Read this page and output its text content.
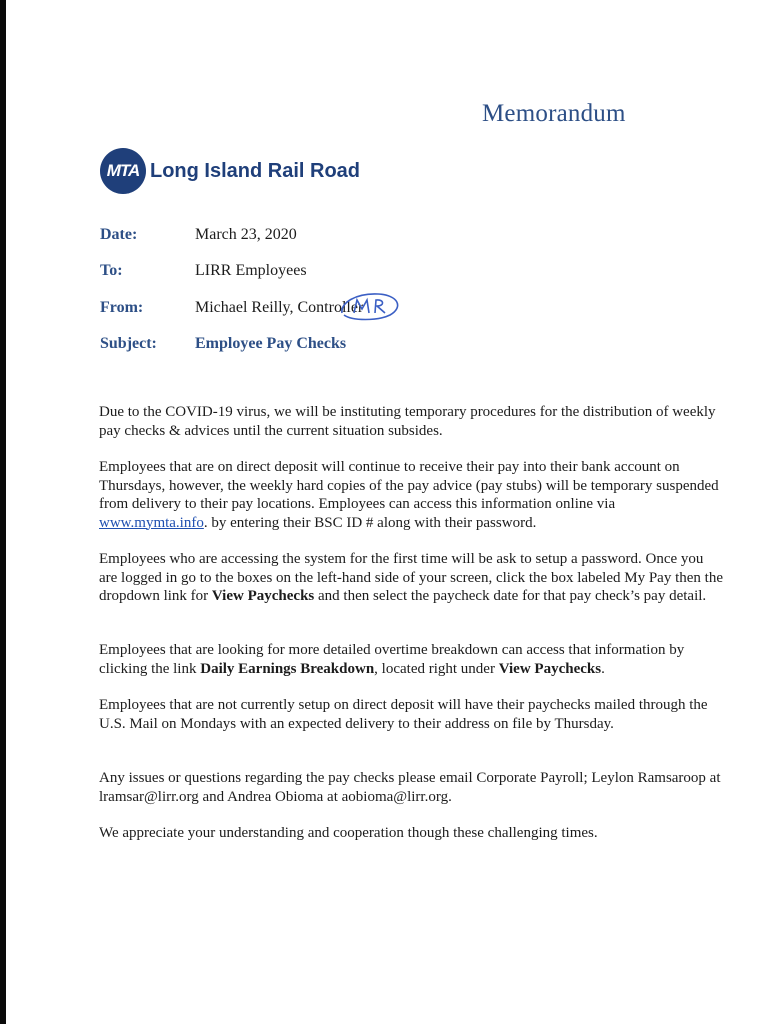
Memorandum
MTA Long Island Rail Road
Date:	March 23, 2020
To:	LIRR Employees
From:	Michael Reilly, Controller
Subject: Employee Pay Checks

Due to the COVID-19 virus, we will be instituting temporary procedures for the distribution of weekly pay checks & advices until the current situation subsides.

Employees that are on direct deposit will continue to receive their pay into their bank account on Thursdays, however, the weekly hard copies of the pay advice (pay stubs) will be temporary suspended from delivery to their pay locations. Employees can access this information online via www.mymta.info. by entering their BSC ID # along with their password.

Employees who are accessing the system for the first time will be ask to setup a password. Once you are logged in go to the boxes on the left-hand side of your screen, click the box labeled My Pay then the dropdown link for View Paychecks and then select the paycheck date for that pay check’s pay detail.

Employees that are looking for more detailed overtime breakdown can access that information by clicking the link Daily Earnings Breakdown, located right under View Paychecks.

Employees that are not currently setup on direct deposit will have their paychecks mailed through the U.S. Mail on Mondays with an expected delivery to their address on file by Thursday.

Any issues or questions regarding the pay checks please email Corporate Payroll; Leylon Ramsaroop at lramsar@lirr.org and Andrea Obioma at aobioma@lirr.org.

We appreciate your understanding and cooperation though these challenging times.
